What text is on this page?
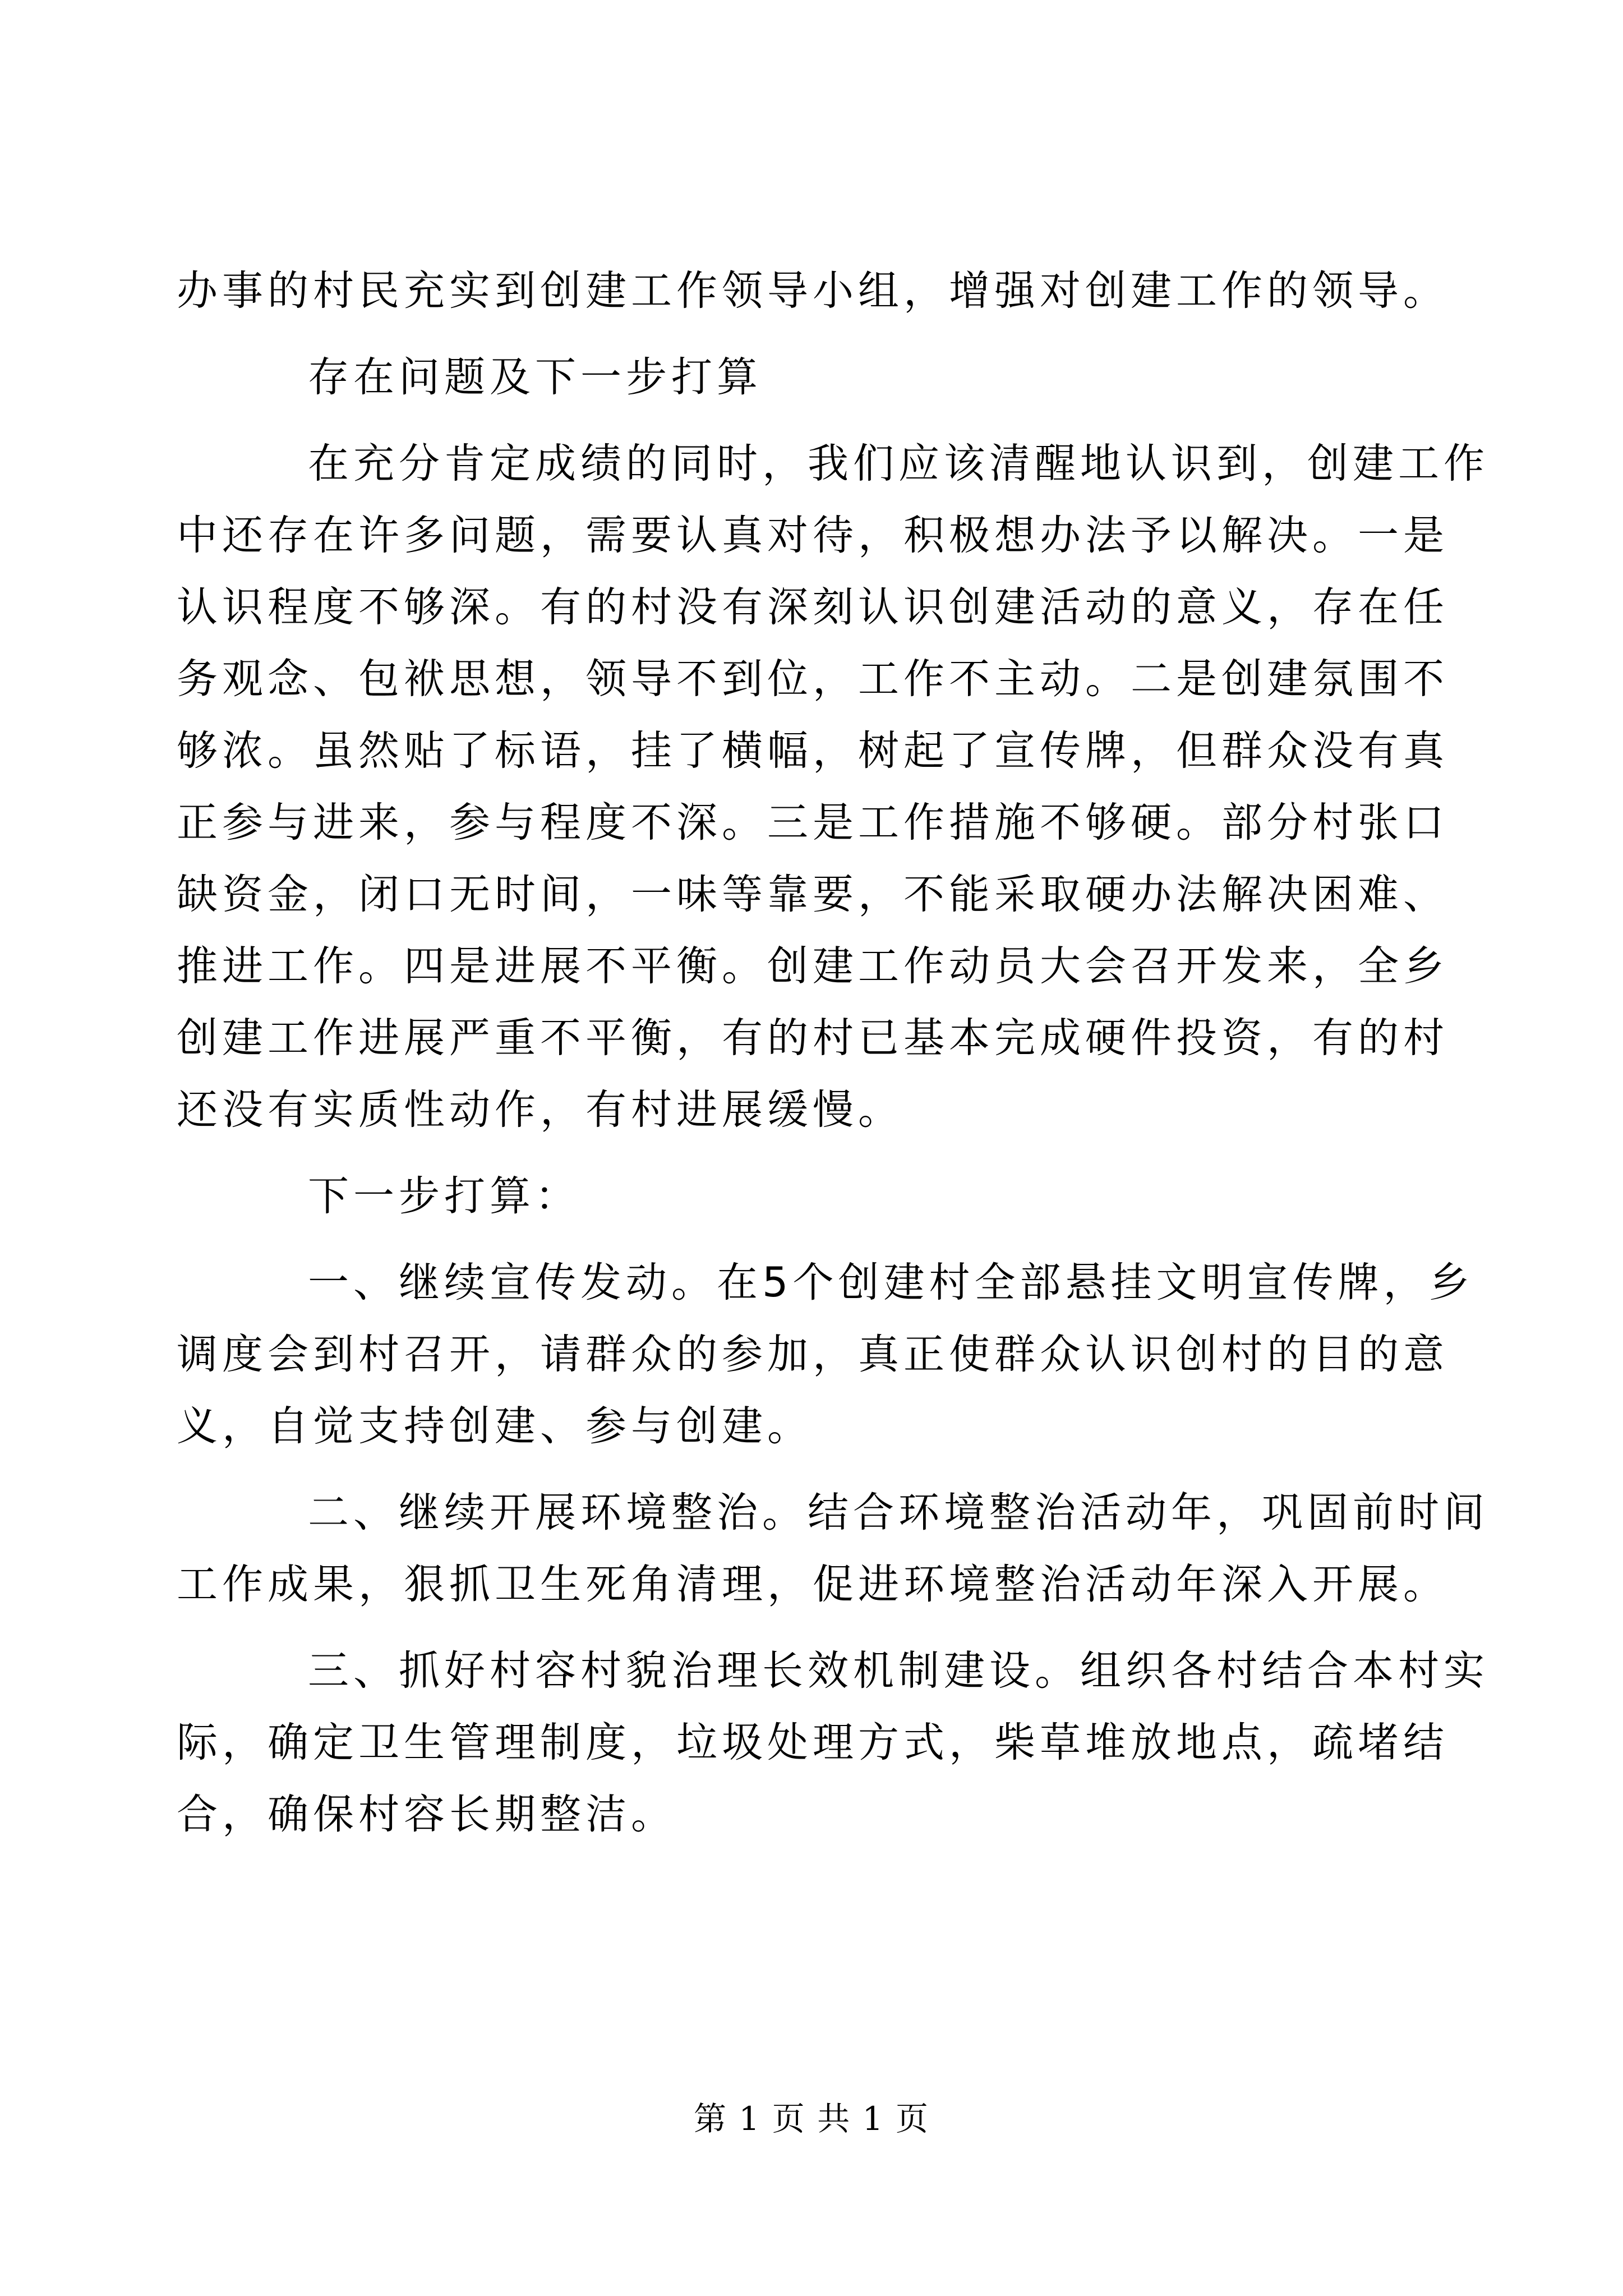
办事的村民充实到创建工作领导小组，增强对创建工作的领导。
存在问题及下一步打算
在充分肯定成绩的同时，我们应该清醒地认识到，创建工作
中还存在许多问题，需要认真对待，积极想办法予以解决。一是
认识程度不够深。有的村没有深刻认识创建活动的意义，存在任
务观念、包袱思想，领导不到位，工作不主动。二是创建氛围不
够浓。虽然贴了标语，挂了横幅，树起了宣传牌，但群众没有真
正参与进来，参与程度不深。三是工作措施不够硬。部分村张口
缺资金，闭口无时间，一味等靠要，不能采取硬办法解决困难、
推进工作。四是进展不平衡。创建工作动员大会召开发来，全乡
创建工作进展严重不平衡，有的村已基本完成硬件投资，有的村
还没有实质性动作，有村进展缓慢。
下一步打算：
一、继续宣传发动。在5个创建村全部悬挂文明宣传牌，乡
调度会到村召开，请群众的参加，真正使群众认识创村的目的意
义，自觉支持创建、参与创建。
二、继续开展环境整治。结合环境整治活动年，巩固前时间
工作成果，狠抓卫生死角清理，促进环境整治活动年深入开展。
三、抓好村容村貌治理长效机制建设。组织各村结合本村实
际，确定卫生管理制度，垃圾处理方式，柴草堆放地点，疏堵结
合，确保村容长期整洁。
第 1 页 共 1 页
